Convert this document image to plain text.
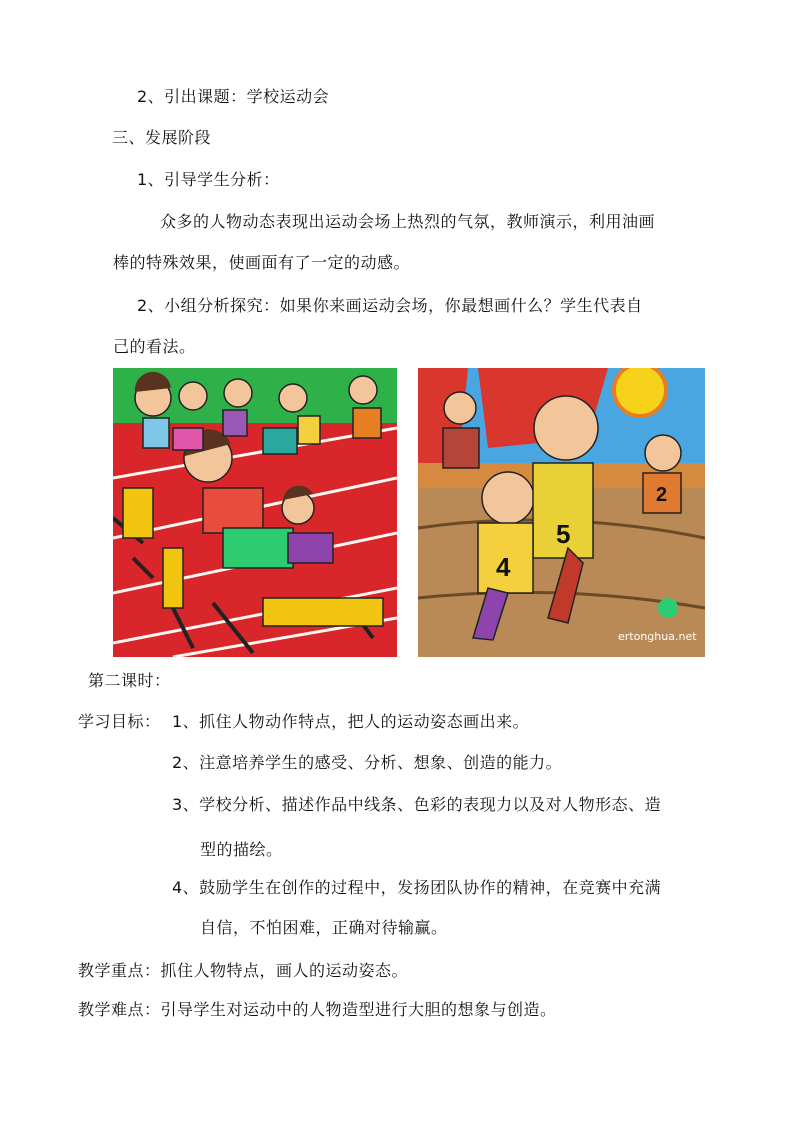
2、引出课题：学校运动会
三、发展阶段
1、引导学生分析：
众多的人物动态表现出运动会场上热烈的气氛，教师演示，利用油画
棒的特殊效果，使画面有了一定的动感。
2、小组分析探究：如果你来画运动会场，你最想画什么？学生代表自
己的看法。
2
5
4
ertonghua.net
第二课时：
学习目标： 1、抓住人物动作特点，把人的运动姿态画出来。
2、注意培养学生的感受、分析、想象、创造的能力。
3、学校分析、描述作品中线条、色彩的表现力以及对人物形态、造
型的描绘。
4、鼓励学生在创作的过程中，发扬团队协作的精神，在竞赛中充满
自信，不怕困难，正确对待输赢。
教学重点：抓住人物特点，画人的运动姿态。
教学难点：引导学生对运动中的人物造型进行大胆的想象与创造。
